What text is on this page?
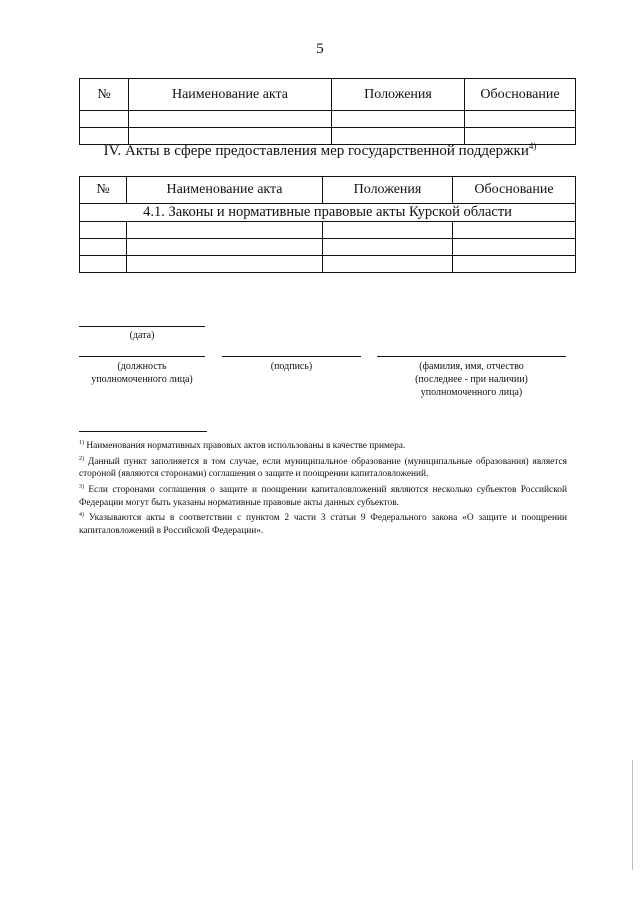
5
№	Наименование акта	Положения	Обоснование

IV. Акты в сфере предоставления мер государственной поддержки$^{4)}$
№	Наименование акта	Положения	Обоснование
4.1. Законы и нормативные правовые акты Курской области			

(дата)
(должность
уполномоченного лица)
(подпись)	(фамилия, имя, отчество
(последнее - при наличии)
уполномоченного лица)

$^{1)}$ Наименования нормативных правовых актов использованы в качестве примера.

$^{2)}$ Данный пункт заполняется в том случае, если муниципальное образование (муниципальные образования) является стороной (являются сторонами) соглашения о защите и поощрении капиталовложений.

$^{3)}$ Если сторонами соглашения о защите и поощрении капиталовложений являются несколько субъектов Российской Федерации могут быть указаны нормативные правовые акты данных субъектов.

$^{4)}$ Указываются акты в соответствии с пунктом 2 части 3 статьи 9 Федерального закона «О защите и поощрении капиталовложений в Российской Федерации».
